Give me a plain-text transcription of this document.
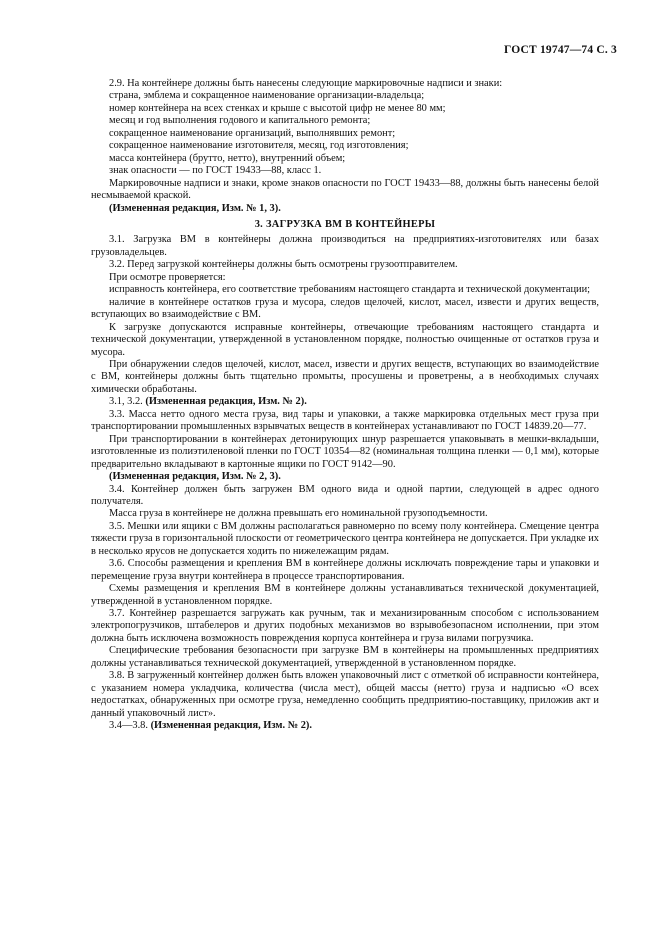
ГОСТ 19747—74 С. 3

2.9. На контейнере должны быть нанесены следующие маркировочные надписи и знаки:

страна, эмблема и сокращенное наименование организации-владельца;

номер контейнера на всех стенках и крыше с высотой цифр не менее 80 мм;

месяц и год выполнения годового и капитального ремонта;

сокращенное наименование организаций, выполнявших ремонт;

сокращенное наименование изготовителя, месяц, год изготовления;

масса контейнера (брутто, нетто), внутренний объем;

знак опасности — по ГОСТ 19433—88, класс 1.

Маркировочные надписи и знаки, кроме знаков опасности по ГОСТ 19433—88, должны быть нанесены белой несмываемой краской.

(Измененная редакция, Изм. № 1, 3).

3. ЗАГРУЗКА ВМ В КОНТЕЙНЕРЫ

3.1. Загрузка ВМ в контейнеры должна производиться на предприятиях-изготовителях или базах грузовладельцев.

3.2. Перед загрузкой контейнеры должны быть осмотрены грузоотправителем.

При осмотре проверяется:

исправность контейнера, его соответствие требованиям настоящего стандарта и технической документации;

наличие в контейнере остатков груза и мусора, следов щелочей, кислот, масел, извести и других веществ, вступающих во взаимодействие с ВМ.

К загрузке допускаются исправные контейнеры, отвечающие требованиям настоящего стандарта и технической документации, утвержденной в установленном порядке, полностью очищенные от остатков груза и мусора.

При обнаружении следов щелочей, кислот, масел, извести и других веществ, вступающих во взаимодействие с ВМ, контейнеры должны быть тщательно промыты, просушены и проветрены, а в необходимых случаях химически обработаны.

3.1, 3.2. (Измененная редакция, Изм. № 2).

3.3. Масса нетто одного места груза, вид тары и упаковки, а также маркировка отдельных мест груза при транспортировании промышленных взрывчатых веществ в контейнерах устанавливают по ГОСТ 14839.20—77.

При транспортировании в контейнерах детонирующих шнур разрешается упаковывать в мешки-вкладыши, изготовленные из полиэтиленовой пленки по ГОСТ 10354—82 (номинальная толщина пленки — 0,1 мм), которые предварительно вкладывают в картонные ящики по ГОСТ 9142—90.

(Измененная редакция, Изм. № 2, 3).

3.4. Контейнер должен быть загружен ВМ одного вида и одной партии, следующей в адрес одного получателя.

Масса груза в контейнере не должна превышать его номинальной грузоподъемности.

3.5. Мешки или ящики с ВМ должны располагаться равномерно по всему полу контейнера. Смещение центра тяжести груза в горизонтальной плоскости от геометрического центра контейнера не допускается. При укладке их в несколько ярусов не допускается ходить по нижележащим рядам.

3.6. Способы размещения и крепления ВМ в контейнере должны исключать повреждение тары и упаковки и перемещение груза внутри контейнера в процессе транспортирования.

Схемы размещения и крепления ВМ в контейнере должны устанавливаться технической документацией, утвержденной в установленном порядке.

3.7. Контейнер разрешается загружать как ручным, так и механизированным способом с использованием электропогрузчиков, штабелеров и других подобных механизмов во взрывобезопасном исполнении, при этом должна быть исключена возможность повреждения корпуса контейнера и груза вилами погрузчика.

Специфические требования безопасности при загрузке ВМ в контейнеры на промышленных предприятиях должны устанавливаться технической документацией, утвержденной в установленном порядке.

3.8. В загруженный контейнер должен быть вложен упаковочный лист с отметкой об исправности контейнера, с указанием номера укладчика, количества (числа мест), общей массы (нетто) груза и надписью «О всех недостатках, обнаруженных при осмотре груза, немедленно сообщить предприятию-поставщику, приложив акт и данный упаковочный лист».

3.4—3.8. (Измененная редакция, Изм. № 2).
